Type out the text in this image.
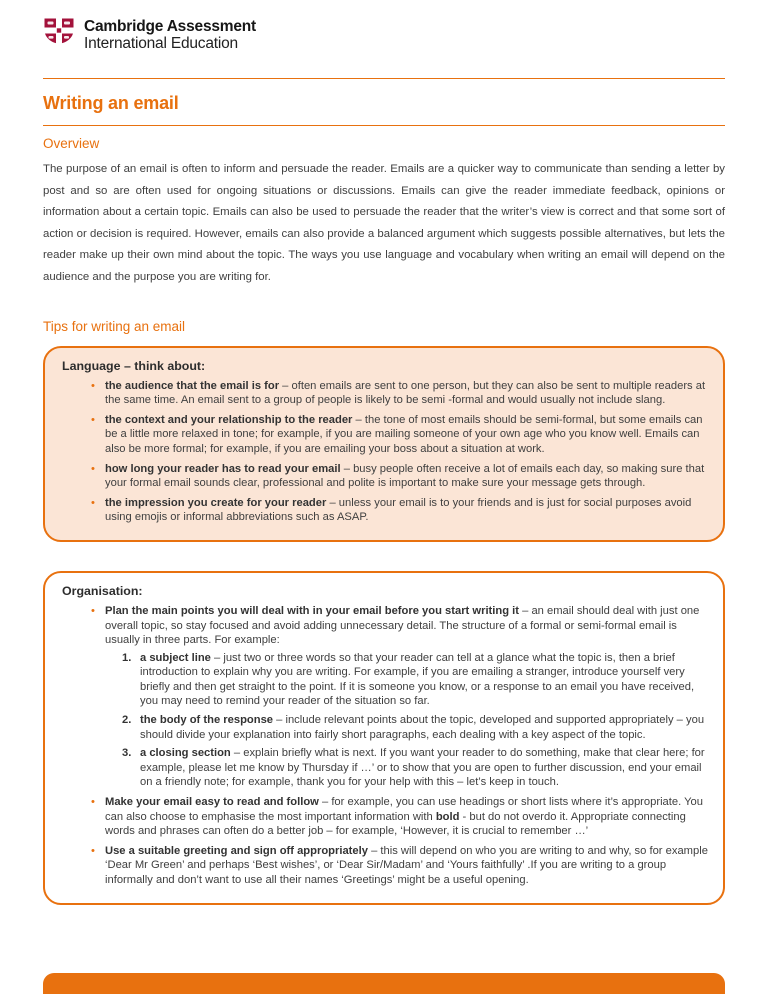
Cambridge Assessment
International Education
Writing an email
Overview

The purpose of an email is often to inform and persuade the reader. Emails are a quicker way to communicate than sending a letter by post and so are often used for ongoing situations or discussions. Emails can give the reader immediate feedback, opinions or information about a certain topic. Emails can also be used to persuade the reader that the writer’s view is correct and that some sort of action or decision is required. However, emails can also provide a balanced argument which suggests possible alternatives, but lets the reader make up their own mind about the topic. The ways you use language and vocabulary when writing an email will depend on the audience and the purpose you are writing for.

Tips for writing an email

Language – think about:

• the audience that the email is for – often emails are sent to one person, but they can also be sent to multiple readers at the same time. An email sent to a group of people is likely to be semi -formal and would usually not include slang.
• the context and your relationship to the reader – the tone of most emails should be semi-formal, but some emails can be a little more relaxed in tone; for example, if you are mailing someone of your own age who you know well. Emails can also be more formal; for example, if you are emailing your boss about a situation at work.
• how long your reader has to read your email – busy people often receive a lot of emails each day, so making sure that your formal email sounds clear, professional and polite is important to make sure your message gets through.
• the impression you create for your reader – unless your email is to your friends and is just for social purposes avoid using emojis or informal abbreviations such as ASAP.

Organisation:

• Plan the main points you will deal with in your email before you start writing it – an email should deal with just one overall topic, so stay focused and avoid adding unnecessary detail. The structure of a formal or semi-formal email is usually in three parts. For example:
1. a subject line – just two or three words so that your reader can tell at a glance what the topic is, then a brief introduction to explain why you are writing. For example, if you are emailing a stranger, introduce yourself very briefly and then get straight to the point. If it is someone you know, or a response to an email you have received, you may need to remind your reader of the situation so far.
2. the body of the response – include relevant points about the topic, developed and supported appropriately – you should divide your explanation into fairly short paragraphs, each dealing with a key aspect of the topic.
3. a closing section – explain briefly what is next. If you want your reader to do something, make that clear here; for example, please let me know by Thursday if …’ or to show that you are open to further discussion, end your email on a friendly note; for example, thank you for your help with this – let’s keep in touch.
• Make your email easy to read and follow – for example, you can use headings or short lists where it’s appropriate. You can also choose to emphasise the most important information with bold - but do not overdo it. Appropriate connecting words and phrases can often do a better job – for example, ‘However, it is crucial to remember …’
• Use a suitable greeting and sign off appropriately – this will depend on who you are writing to and why, so for example ‘Dear Mr Green’ and perhaps ‘Best wishes’, or ‘Dear Sir/Madam’ and ‘Yours faithfully’ .If you are writing to a group informally and don’t want to use all their names ‘Greetings’ might be a useful opening.
